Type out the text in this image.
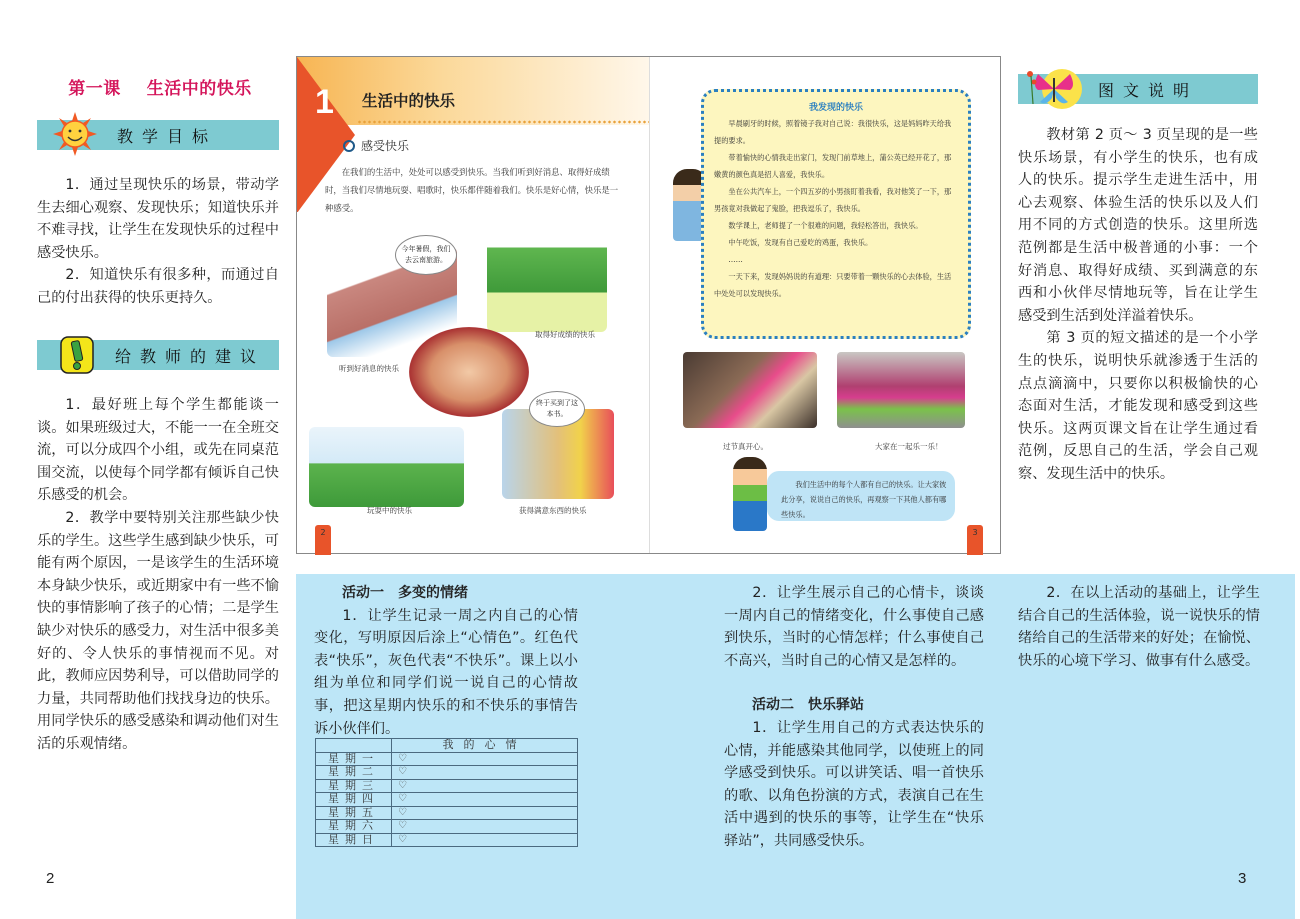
第一课 生活中的快乐
教学目标

1．通过呈现快乐的场景，带动学生去细心观察、发现快乐；知道快乐并不难寻找，让学生在发现快乐的过程中感受快乐。

2．知道快乐有很多种，而通过自己的付出获得的快乐更持久。

给教师的建议

1．最好班上每个学生都能谈一谈。如果班级过大，不能一一在全班交流，可以分成四个小组，或先在同桌范围交流，以使每个同学都有倾诉自己快乐感受的机会。

2．教学中要特别关注那些缺少快乐的学生。这些学生感到缺少快乐，可能有两个原因，一是该学生的生活环境本身缺少快乐，或近期家中有一些不愉快的事情影响了孩子的心情；二是学生缺少对快乐的感受力，对生活中很多美好的、令人快乐的事情视而不见。对此，教师应因势利导，可以借助同学的力量，共同帮助他们找找身边的快乐。用同学快乐的感受感染和调动他们对生活的乐观情绪。

2
1 生活中的快乐
感受快乐

在我们的生活中，处处可以感受到快乐。当我们听到好消息、取得好成绩时，当我们尽情地玩耍、唱歌时，快乐都伴随着我们。快乐是好心情，快乐是一种感受。

今年暑假，我们去云南旅游。
听到好消息的快乐
取得好成绩的快乐
玩耍中的快乐
终于买到了这本书。
获得满意东西的快乐
2
我发现的快乐

早晨刷牙的时候，照着镜子我对自己说：我很快乐，这是妈妈昨天给我提的要求。

带着愉快的心情我走出家门，发现门前草地上，蒲公英已经开花了，那嫩黄的颜色真是招人喜爱，我快乐。

坐在公共汽车上，一个四五岁的小男孩盯着我看，我对他笑了一下，那男孩竟对我做起了鬼脸，把我逗乐了，我快乐。

数学课上，老师提了一个很难的问题，我轻松答出，我快乐。

中午吃饭，发现有自己爱吃的鸡蛋，我快乐。

……

一天下来，发现妈妈说的有道理：只要带着一颗快乐的心去体验，生活中处处可以发现快乐。

过节真开心。	大家在一起乐一乐！

我们生活中的每个人都有自己的快乐。让大家彼此分享，说说自己的快乐，再观察一下其他人都有哪些快乐。

3
图文说明

教材第 2 页～ 3 页呈现的是一些快乐场景，有小学生的快乐，也有成人的快乐。提示学生走进生活中，用心去观察、体验生活的快乐以及人们用不同的方式创造的快乐。这里所选范例都是生活中极普通的小事：一个好消息、取得好成绩、买到满意的东西和小伙伴尽情地玩等，旨在让学生感受到生活到处洋溢着快乐。

第 3 页的短文描述的是一个小学生的快乐，说明快乐就渗透于生活的点点滴滴中，只要你以积极愉快的心态面对生活，才能发现和感受到这些快乐。这两页课文旨在让学生通过看范例，反思自己的生活，学会自己观察、发现生活中的快乐。

活动一　多变的情绪

1．让学生记录一周之内自己的心情变化，写明原因后涂上“心情色”。红色代表“快乐”，灰色代表“不快乐”。课上以小组为单位和同学们说一说自己的心情故事，把这星期内快乐的和不快乐的事情告诉小伙伴们。

	我的心情
星期一	♡
星期二	♡
星期三	♡
星期四	♡
星期五	♡
星期六	♡
星期日	♡

2．让学生展示自己的心情卡，谈谈一周内自己的情绪变化，什么事使自己感到快乐，当时的心情怎样；什么事使自己不高兴，当时自己的心情又是怎样的。

活动二　快乐驿站

1．让学生用自己的方式表达快乐的心情，并能感染其他同学，以使班上的同学感受到快乐。可以讲笑话、唱一首快乐的歌、以角色扮演的方式，表演自己在生活中遇到的快乐的事等，让学生在“快乐驿站”，共同感受快乐。

2．在以上活动的基础上，让学生结合自己的生活体验，说一说快乐的情绪给自己的生活带来的好处；在愉悦、快乐的心境下学习、做事有什么感受。

3
